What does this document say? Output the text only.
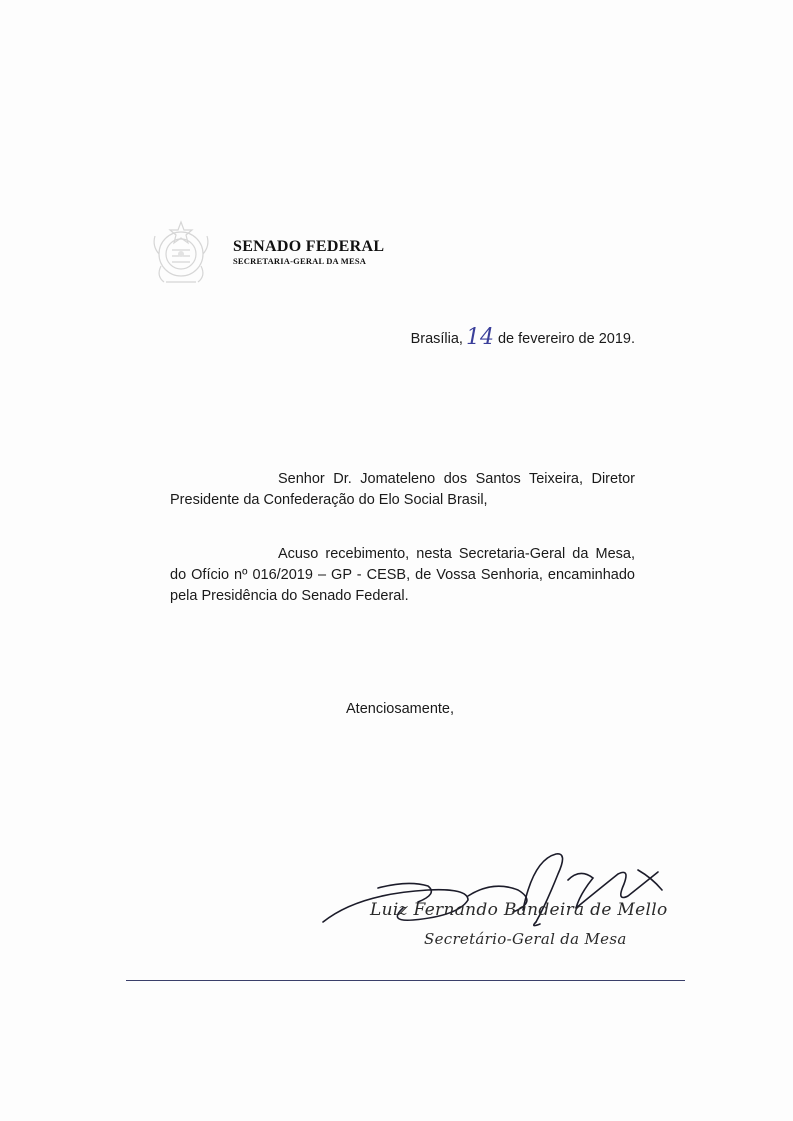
SENADO FEDERAL
SECRETARIA-GERAL DA MESA
Brasília, 14 de fevereiro de 2019.
Senhor Dr. Jomateleno dos Santos Teixeira, Diretor Presidente da Confederação do Elo Social Brasil,
Acuso recebimento, nesta Secretaria-Geral da Mesa, do Ofício nº 016/2019 – GP - CESB, de Vossa Senhoria, encaminhado pela Presidência do Senado Federal.
Atenciosamente,
Luiz Fernando Bandeira de Mello
Secretário-Geral da Mesa
